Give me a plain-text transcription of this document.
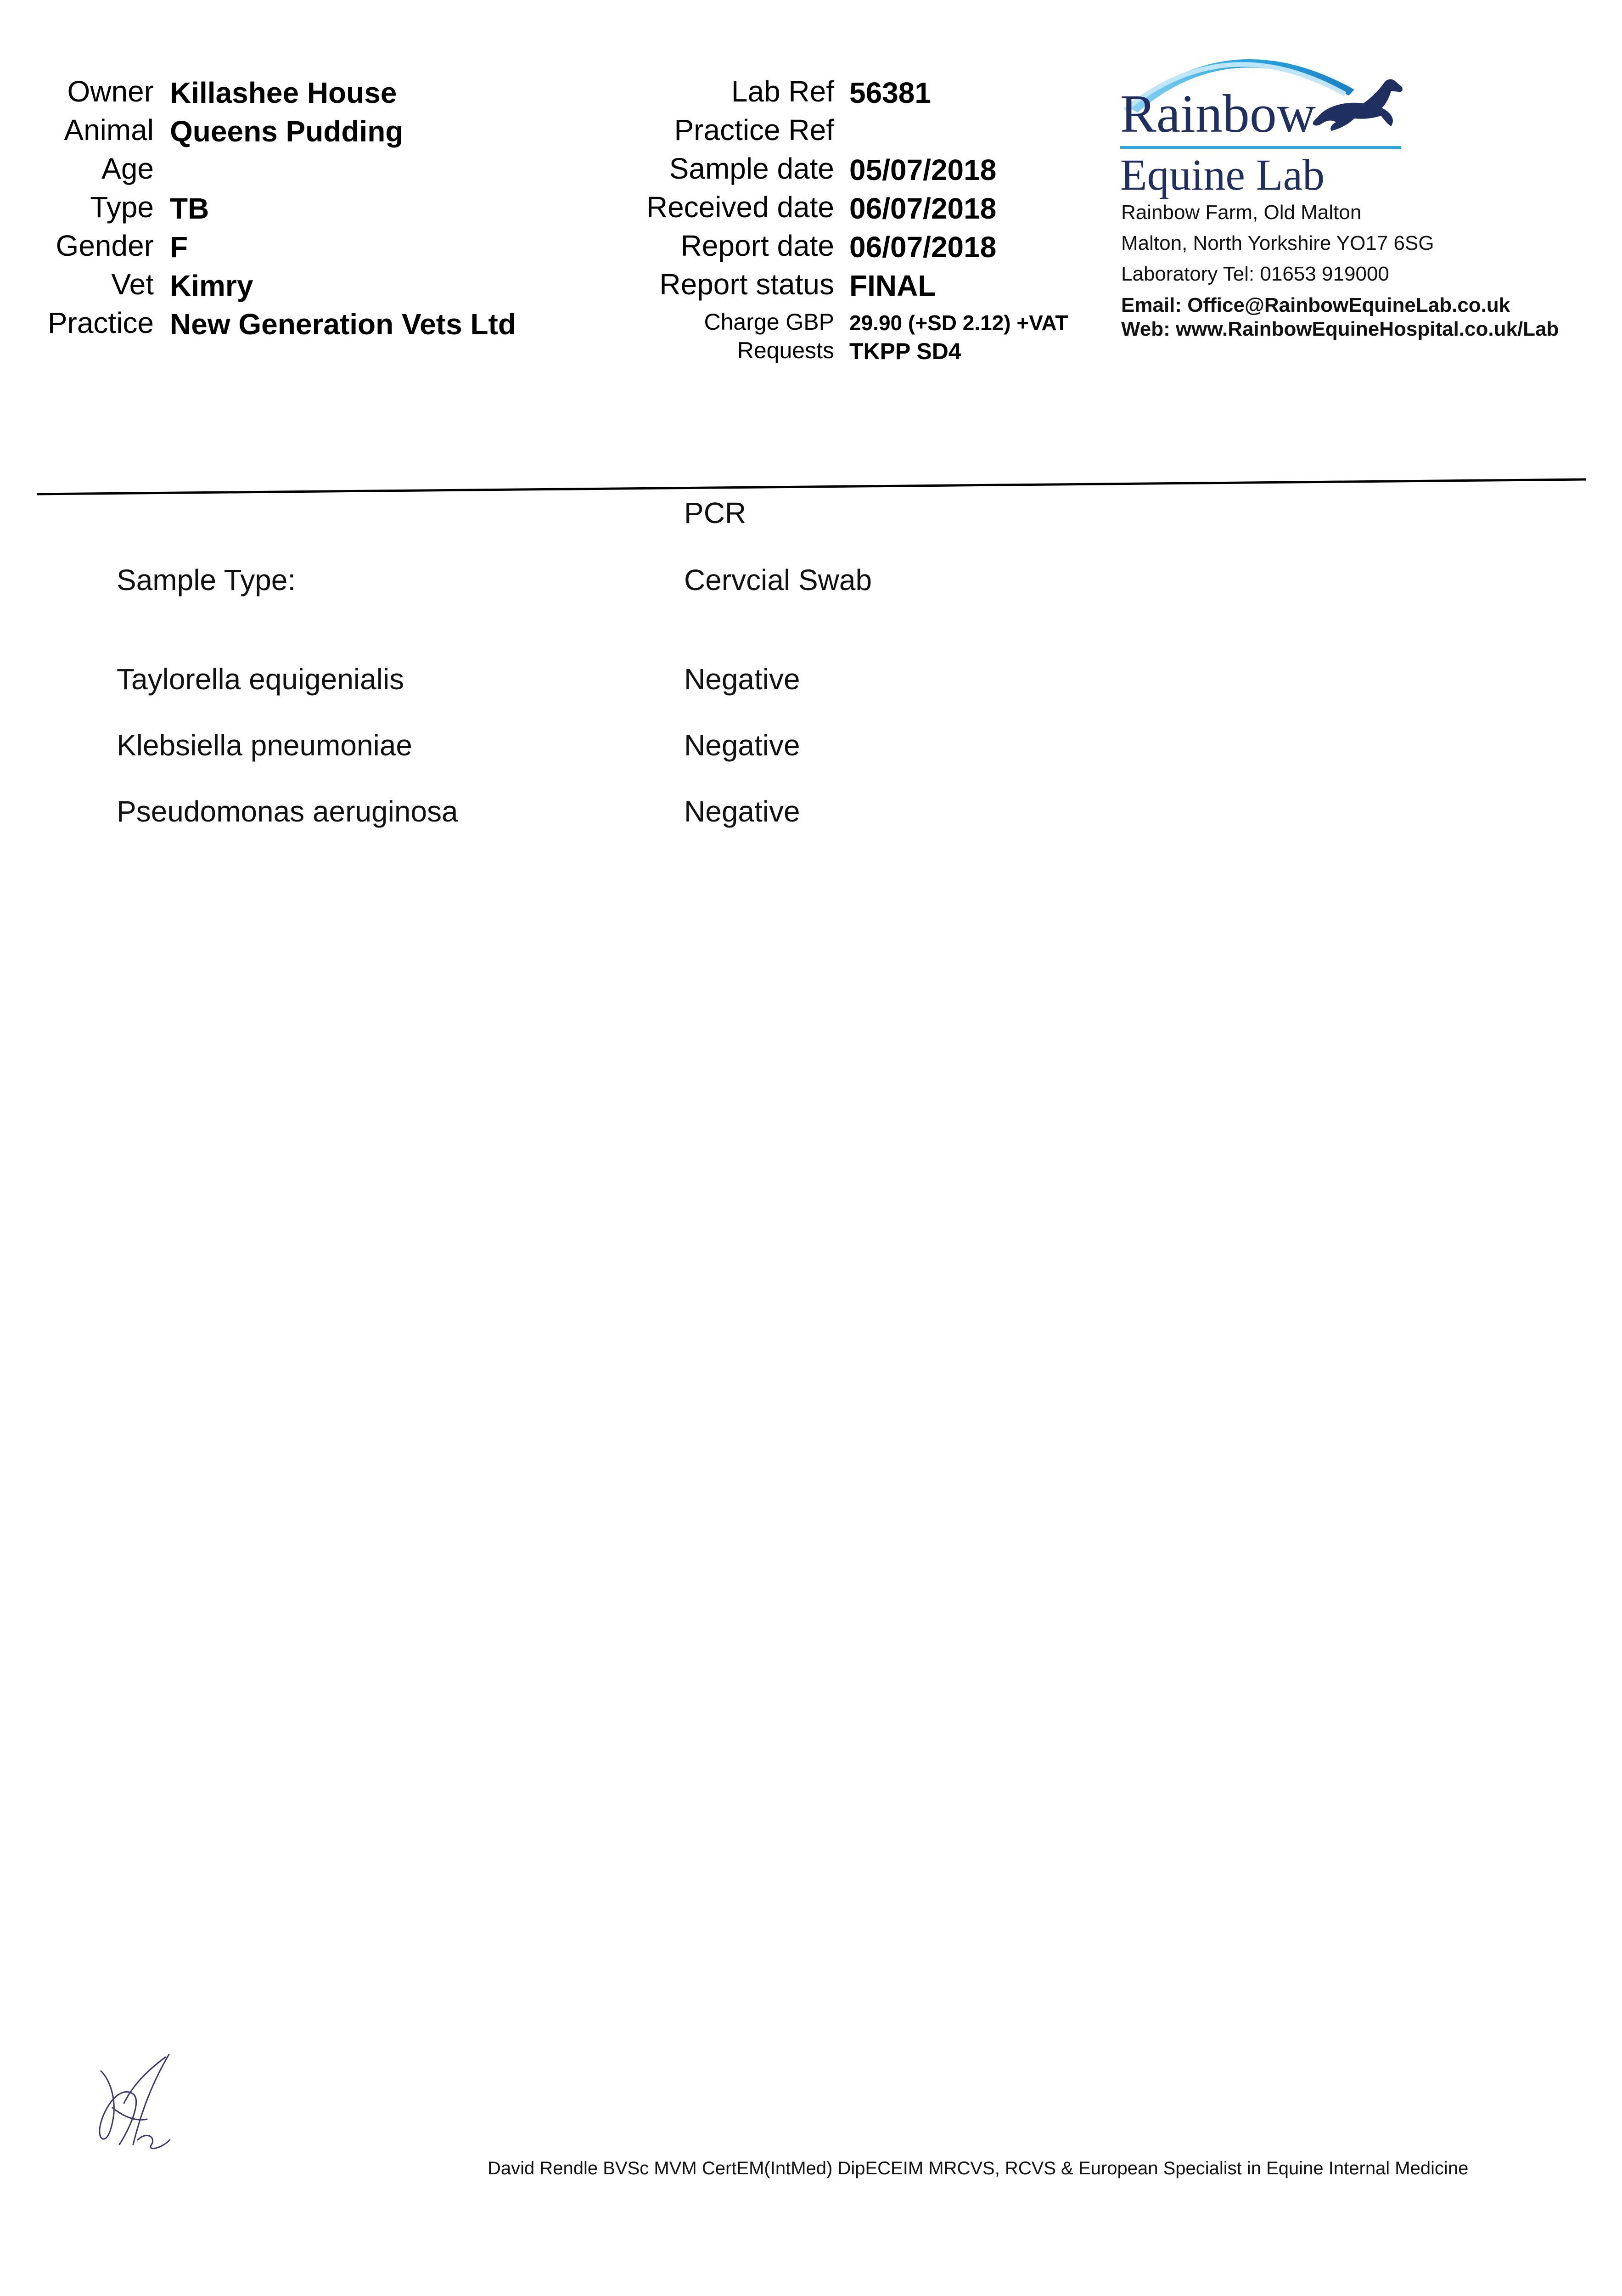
Owner Killashee House
Animal Queens Pudding
Age
Type TB
Gender F
Vet Kimry
Practice New Generation Vets Ltd
Lab Ref 56381
Practice Ref
Sample date 05/07/2018
Received date 06/07/2018
Report date 06/07/2018
Report status FINAL
Charge GBP 29.90 (+SD 2.12) +VAT
Requests TKPP SD4
Rainbow
Equine Lab
Rainbow Farm, Old Malton
Malton, North Yorkshire YO17 6SG
Laboratory Tel: 01653 919000
Email: Office@RainbowEquineLab.co.uk
Web: www.RainbowEquineHospital.co.uk/Lab
PCR
Sample Type:	Cervcial Swab
Taylorella equigenialis	Negative
Klebsiella pneumoniae	Negative
Pseudomonas aeruginosa	Negative
David Rendle BVSc MVM CertEM(IntMed) DipECEIM MRCVS, RCVS & European Specialist in Equine Internal Medicine
